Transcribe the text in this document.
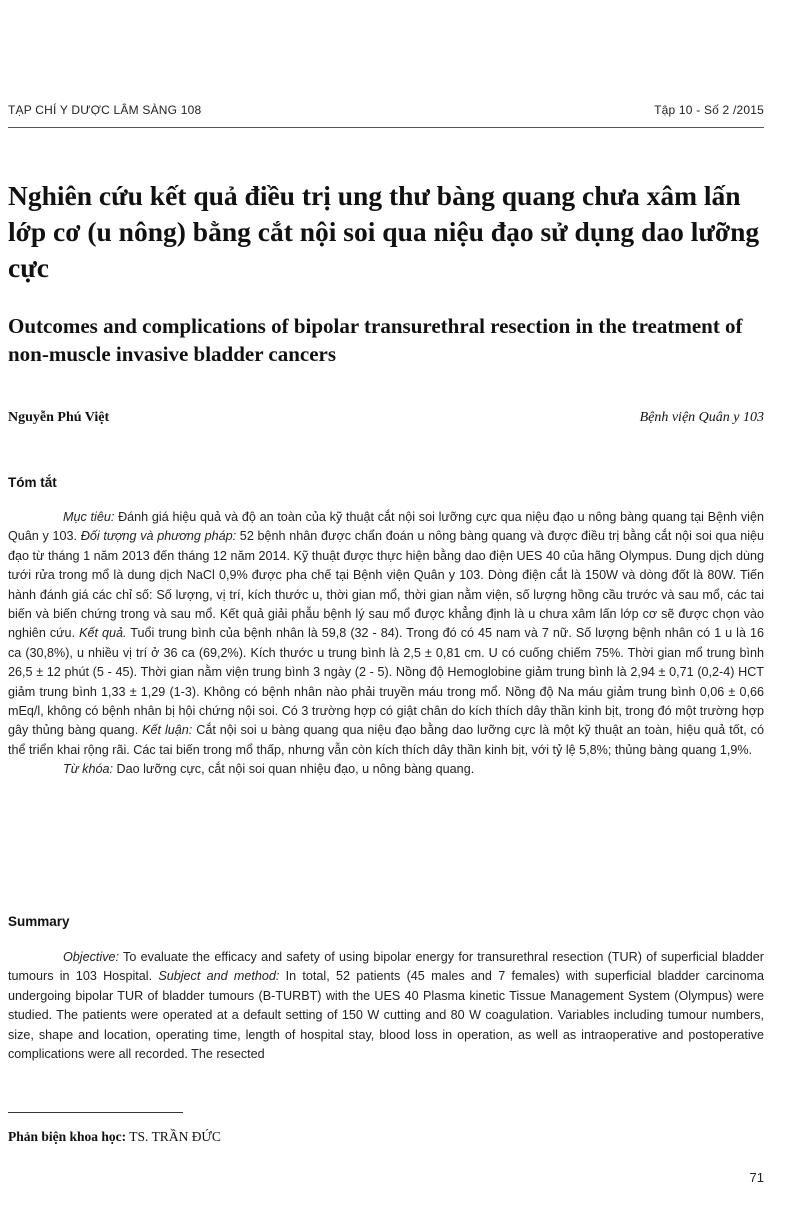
TẠP CHÍ Y DƯỢC LÂM SÀNG 108	Tập 10 - Số 2 /2015
Nghiên cứu kết quả điều trị ung thư bàng quang chưa xâm lấn lớp cơ (u nông) bằng cắt nội soi qua niệu đạo sử dụng dao lưỡng cực
Outcomes and complications of bipolar transurethral resection in the treatment of non-muscle invasive bladder cancers
Nguyễn Phú Việt	Bệnh viện Quân y 103
Tóm tắt

Mục tiêu: Đánh giá hiệu quả và độ an toàn của kỹ thuật cắt nội soi lưỡng cực qua niệu đạo u nông bàng quang tại Bệnh viện Quân y 103. Đối tượng và phương pháp: 52 bệnh nhân được chẩn đoán u nông bàng quang và được điều trị bằng cắt nội soi qua niệu đạo từ tháng 1 năm 2013 đến tháng 12 năm 2014. Kỹ thuật được thực hiện bằng dao điện UES 40 của hãng Olympus. Dung dịch dùng tưới rửa trong mổ là dung dịch NaCl 0,9% được pha chế tại Bệnh viện Quân y 103. Dòng điện cắt là 150W và dòng đốt là 80W. Tiến hành đánh giá các chỉ số: Số lượng, vị trí, kích thước u, thời gian mổ, thời gian nằm viện, số lượng hồng cầu trước và sau mổ, các tai biến và biến chứng trong và sau mổ. Kết quả giải phẫu bệnh lý sau mổ được khẳng định là u chưa xâm lấn lớp cơ sẽ được chọn vào nghiên cứu. Kết quả. Tuổi trung bình của bệnh nhân là 59,8 (32 - 84). Trong đó có 45 nam và 7 nữ. Số lượng bệnh nhân có 1 u là 16 ca (30,8%), u nhiều vị trí ở 36 ca (69,2%). Kích thước u trung bình là 2,5 ± 0,81 cm. U có cuống chiếm 75%. Thời gian mổ trung bình 26,5 ± 12 phút (5 - 45). Thời gian nằm viện trung bình 3 ngày (2 - 5). Nồng độ Hemoglobine giảm trung bình là 2,94 ± 0,71 (0,2-4) HCT giảm trung bình 1,33 ± 1,29 (1-3). Không có bệnh nhân nào phải truyền máu trong mổ. Nồng độ Na máu giảm trung bình 0,06 ± 0,66 mEq/l, không có bệnh nhân bị hội chứng nội soi. Có 3 trường hợp có giật chân do kích thích dây thần kinh bịt, trong đó một trường hợp gây thủng bàng quang. Kết luận: Cắt nội soi u bàng quang qua niệu đạo bằng dao lưỡng cực là một kỹ thuật an toàn, hiệu quả tốt, có thể triển khai rộng rãi. Các tai biến trong mổ thấp, nhưng vẫn còn kích thích dây thần kinh bịt, với tỷ lệ 5,8%; thủng bàng quang 1,9%.

Từ khóa: Dao lưỡng cực, cắt nội soi quan nhiệu đạo, u nông bàng quang.

Summary

Objective: To evaluate the efficacy and safety of using bipolar energy for transurethral resection (TUR) of superficial bladder tumours in 103 Hospital. Subject and method: In total, 52 patients (45 males and 7 females) with superficial bladder carcinoma undergoing bipolar TUR of bladder tumours (B-TURBT) with the UES 40 Plasma kinetic Tissue Management System (Olympus) were studied. The patients were operated at a default setting of 150 W cutting and 80 W coagulation. Variables including tumour numbers, size, shape and location, operating time, length of hospital stay, blood loss in operation, as well as intraoperative and postoperative complications were all recorded. The resected

Phản biện khoa học: TS. TRẦN ĐỨC
71
